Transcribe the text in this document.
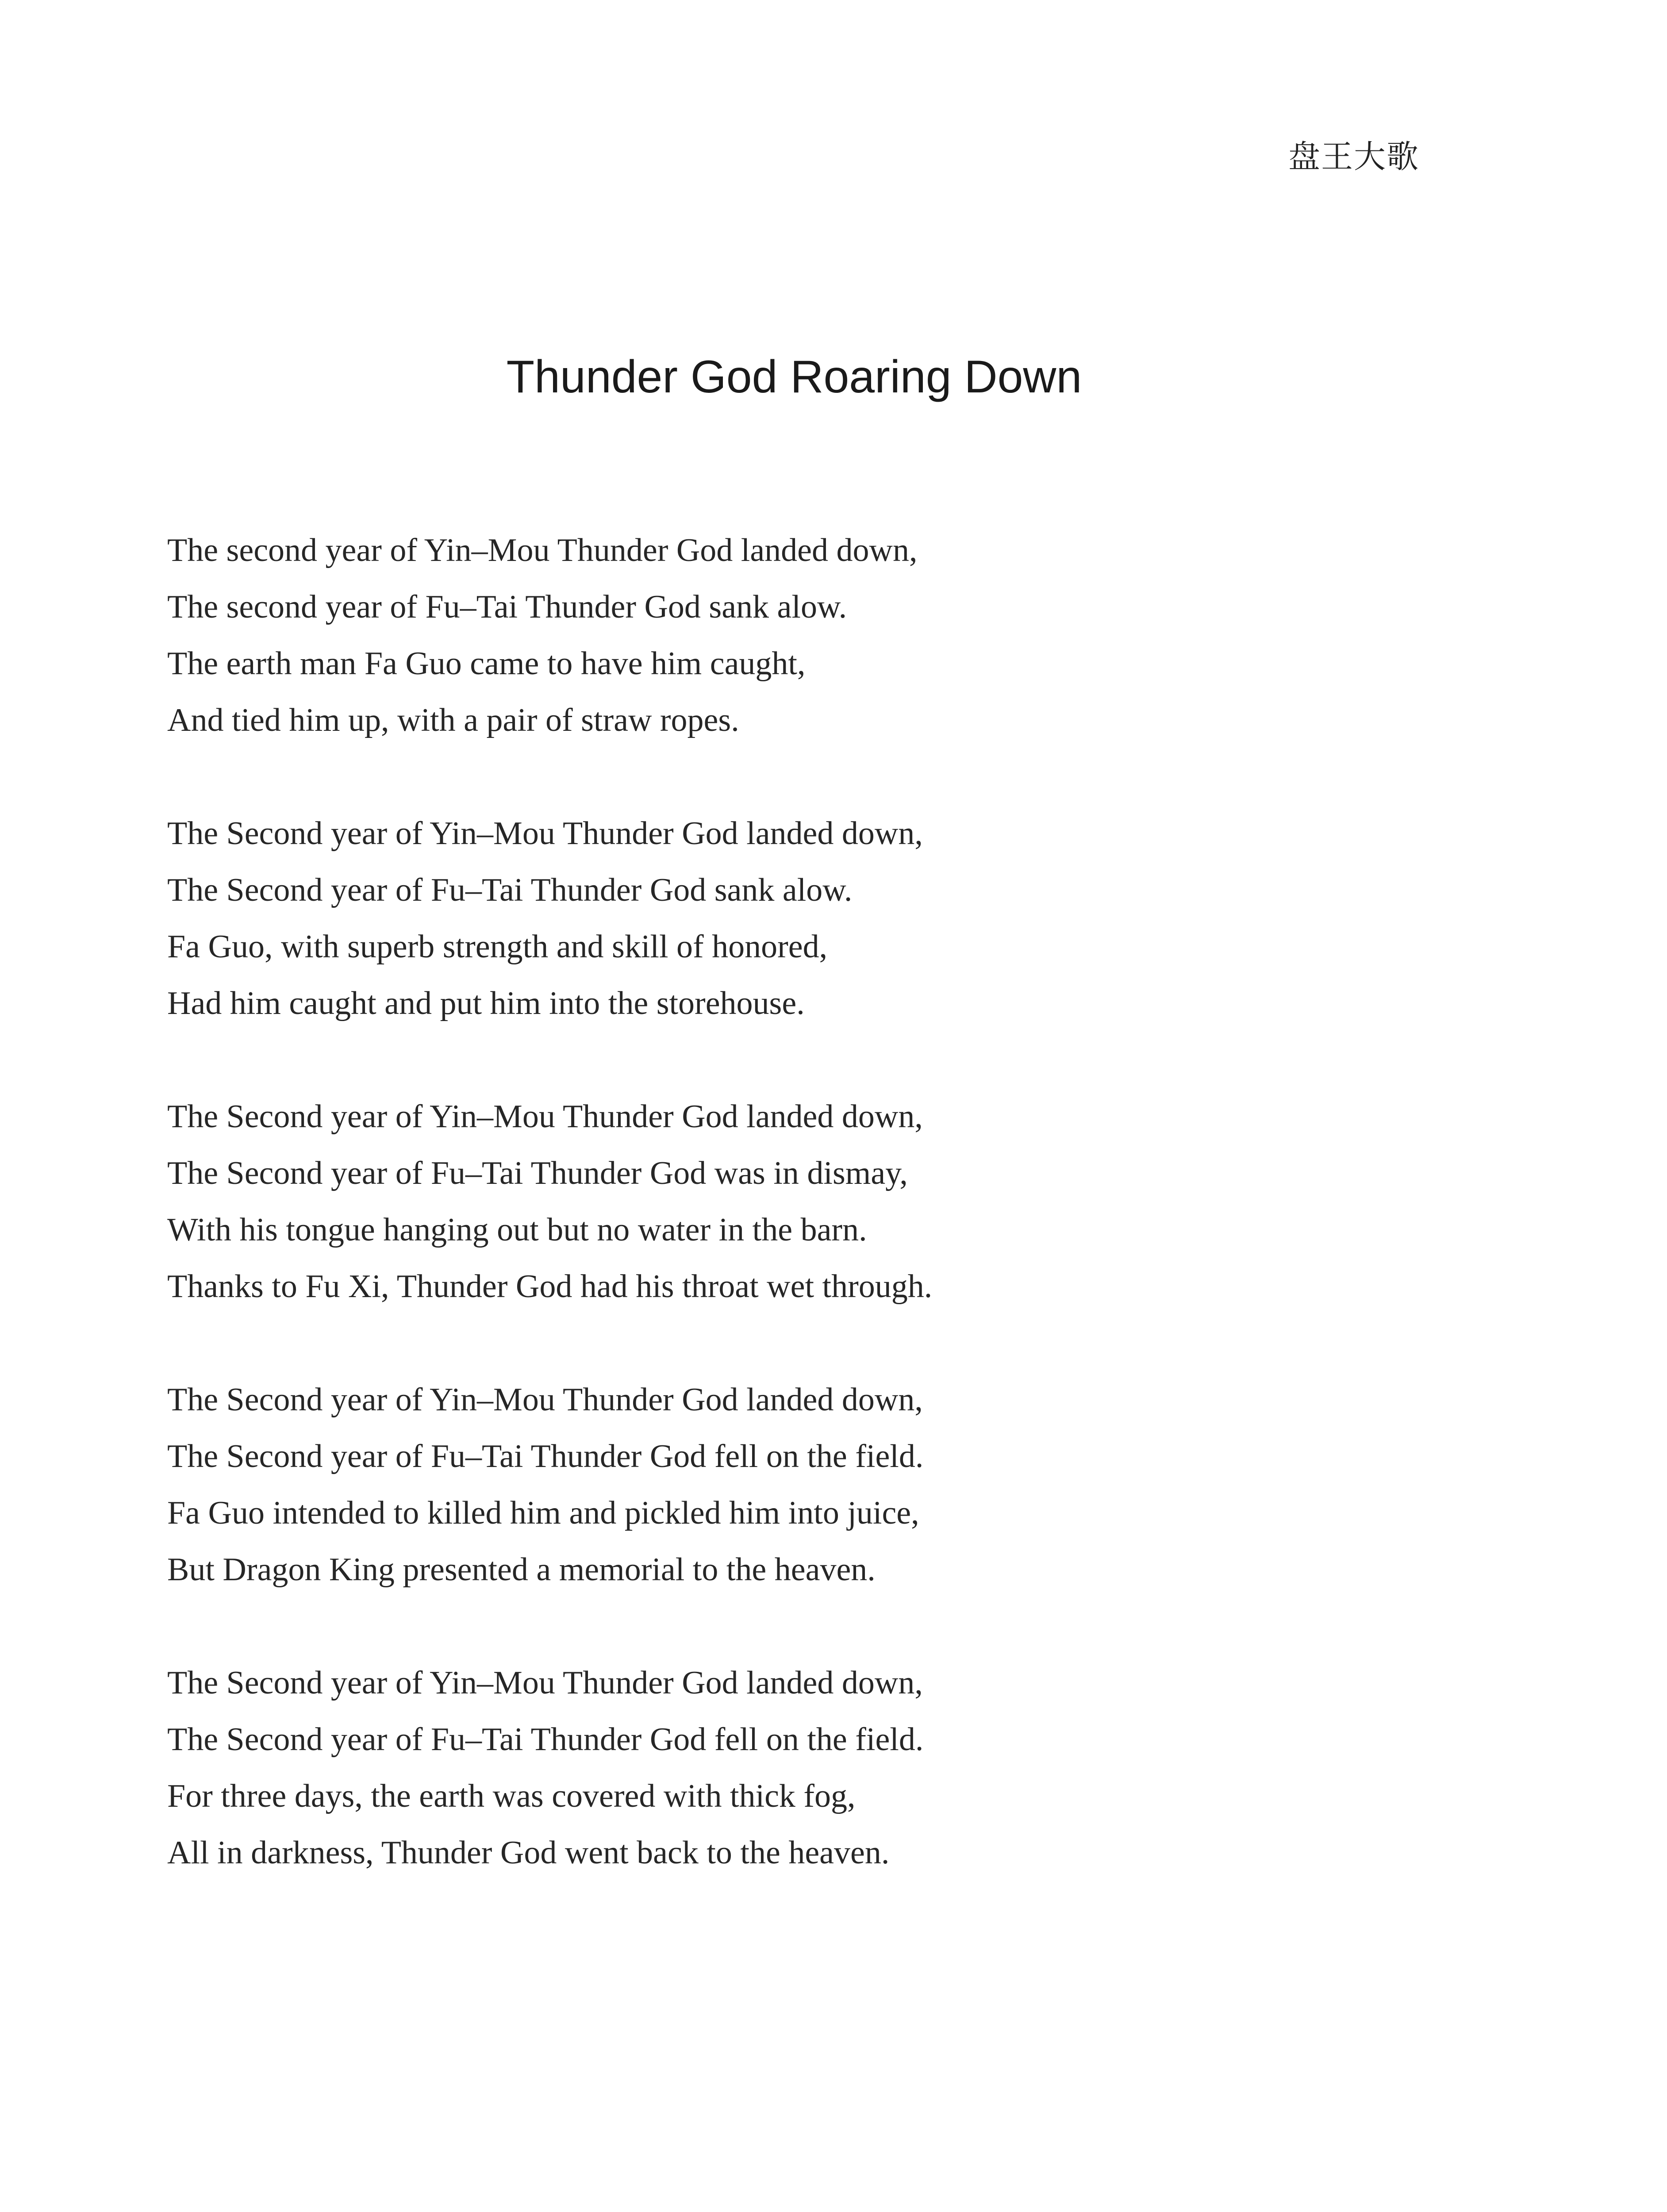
盘王大歌
Thunder God Roaring Down
The second year of Yin–Mou Thunder God landed down,
The second year of Fu–Tai Thunder God sank alow.
The earth man Fa Guo came to have him caught,
And tied him up, with a pair of straw ropes.
The Second year of Yin–Mou Thunder God landed down,
The Second year of Fu–Tai Thunder God sank alow.
Fa Guo, with superb strength and skill of honored,
Had him caught and put him into the storehouse.
The Second year of Yin–Mou Thunder God landed down,
The Second year of Fu–Tai Thunder God was in dismay,
With his tongue hanging out but no water in the barn.
Thanks to Fu Xi, Thunder God had his throat wet through.
The Second year of Yin–Mou Thunder God landed down,
The Second year of Fu–Tai Thunder God fell on the field.
Fa Guo intended to killed him and pickled him into juice,
But Dragon King presented a memorial to the heaven.
The Second year of Yin–Mou Thunder God landed down,
The Second year of Fu–Tai Thunder God fell on the field.
For three days, the earth was covered with thick fog,
All in darkness, Thunder God went back to the heaven.
